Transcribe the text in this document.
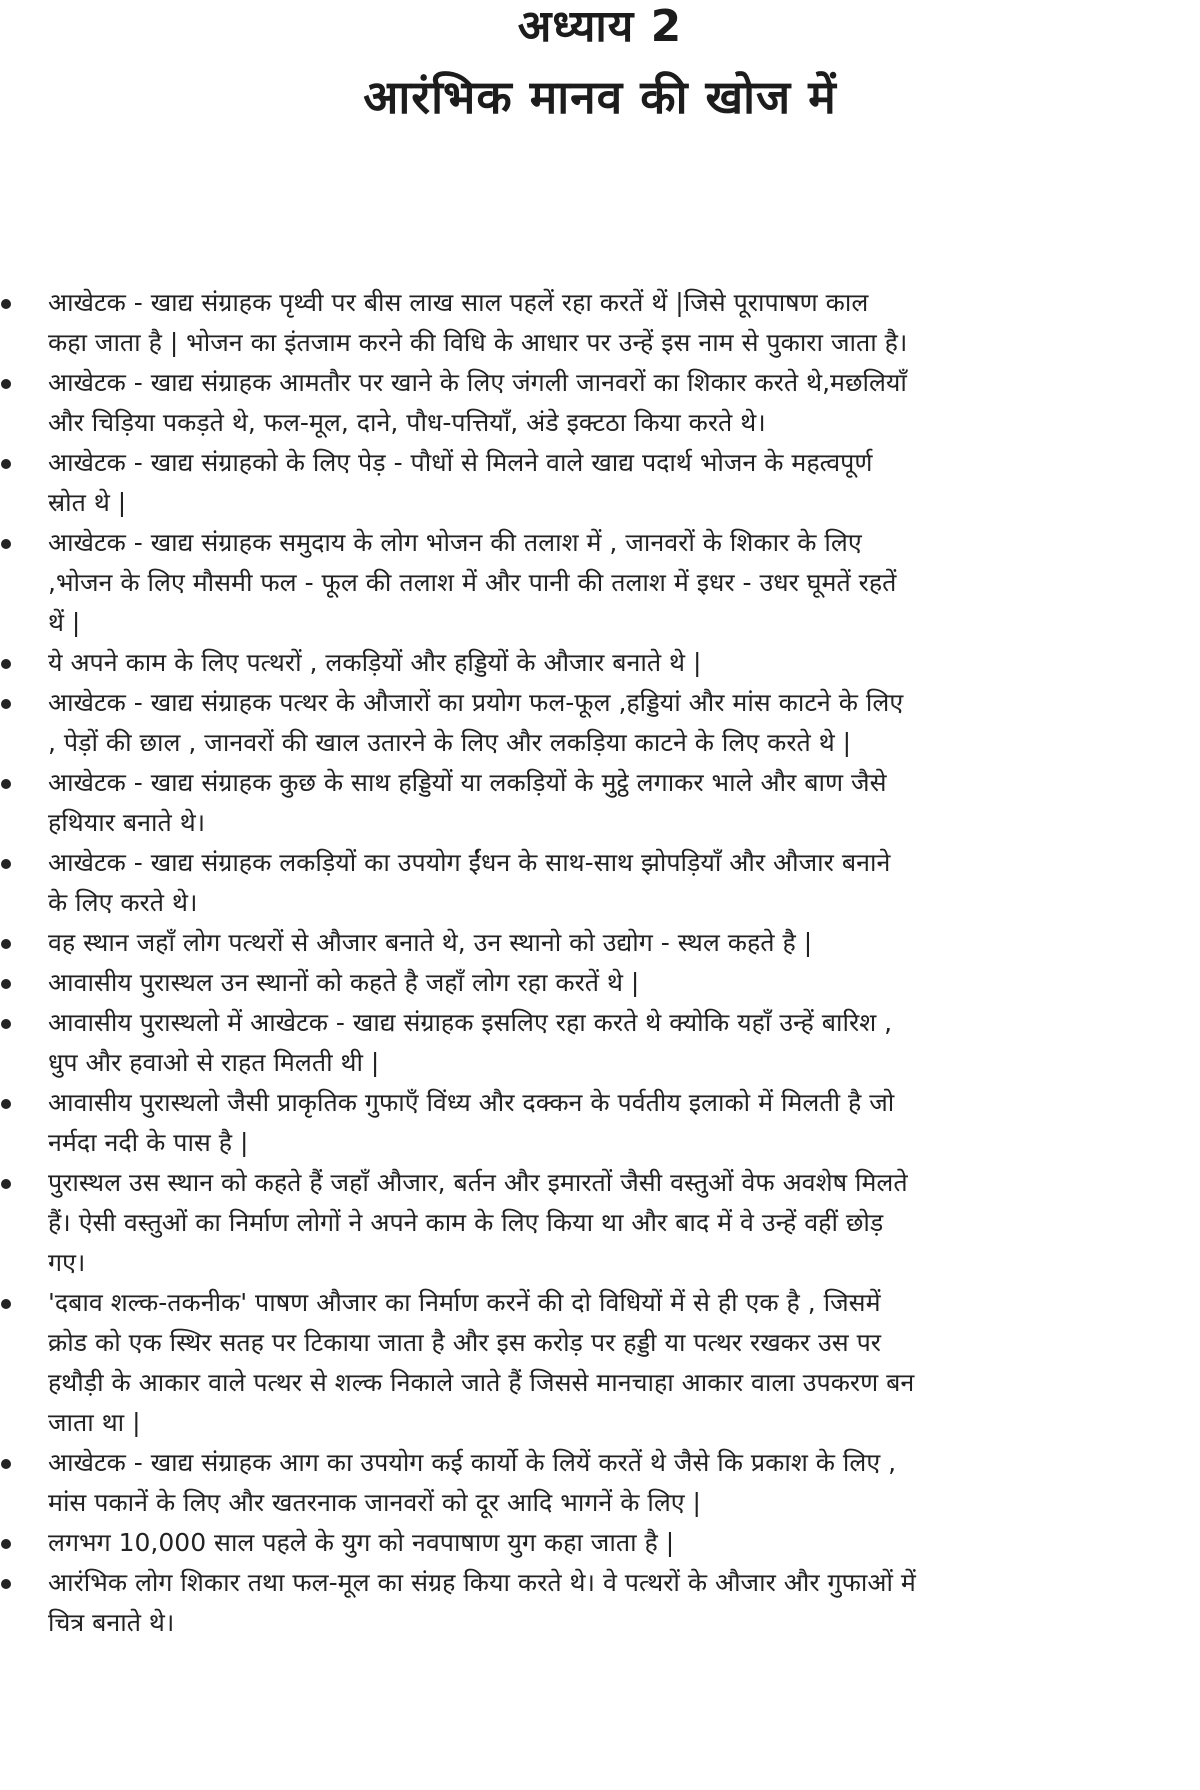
अध्याय 2
आरंभिक मानव की खोज में
आखेटक - खाद्य संग्राहक पृथ्वी पर बीस लाख साल पहलें रहा करतें थें |जिसे पूरापाषण काल
कहा जाता है | भोजन का इंतजाम करने की विधि के आधार पर उन्हें इस नाम से पुकारा जाता है।
आखेटक - खाद्य संग्राहक आमतौर पर खाने के लिए जंगली जानवरों का शिकार करते थे,मछलियाँ
और चिड़िया पकड़ते थे, फल-मूल, दाने, पौध-पत्तियाँ, अंडे इक्टठा किया करते थे।
आखेटक - खाद्य संग्राहको के लिए पेड़ - पौधों से मिलने वाले खाद्य पदार्थ भोजन के महत्वपूर्ण
स्रोत थे |
आखेटक - खाद्य संग्राहक समुदाय के लोग भोजन की तलाश में , जानवरों के शिकार के लिए
,भोजन के लिए मौसमी फल - फूल की तलाश में और पानी की तलाश में इधर - उधर घूमतें रहतें
थें |
ये अपने काम के लिए पत्थरों , लकड़ियों और हड्डियों के औजार बनाते थे |
आखेटक - खाद्य संग्राहक पत्थर के औजारों का प्रयोग फल-फूल ,हड्डियां और मांस काटने के लिए
, पेड़ों की छाल , जानवरों की खाल उतारने के लिए और लकड़िया काटने के लिए करते थे |
आखेटक - खाद्य संग्राहक कुछ के साथ हड्डियों या लकड़ियों के मुट्ठे लगाकर भाले और बाण जैसे
हथियार बनाते थे।
आखेटक - खाद्य संग्राहक लकड़ियों का उपयोग ईंधन के साथ-साथ झोपड़ियाँ और औजार बनाने
के लिए करते थे।
वह स्थान जहाँ लोग पत्थरों से औजार बनाते थे, उन स्थानो को उद्योग - स्थल कहते है |
आवासीय पुरास्थल उन स्थानों को कहते है जहाँ लोग रहा करतें थे |
आवासीय पुरास्थलो में आखेटक - खाद्य संग्राहक इसलिए रहा करते थे क्योकि यहाँ उन्हें बारिश ,
धुप और हवाओ से राहत मिलती थी |
आवासीय पुरास्थलो जैसी प्राकृतिक गुफाएँ विंध्य और दक्कन के पर्वतीय इलाको में मिलती है जो
नर्मदा नदी के पास है |
पुरास्थल उस स्थान को कहते हैं जहाँ औजार, बर्तन और इमारतों जैसी वस्तुओं वेफ अवशेष मिलते
हैं। ऐसी वस्तुओं का निर्माण लोगों ने अपने काम के लिए किया था और बाद में वे उन्हें वहीं छोड़
गए।
'दबाव शल्क-तकनीक' पाषण औजार का निर्माण करनें की दो विधियों में से ही एक है , जिसमें
क्रोड को एक स्थिर सतह पर टिकाया जाता है और इस करोड़ पर हड्डी या पत्थर रखकर उस पर
हथौड़ी के आकार वाले पत्थर से शल्क निकाले जाते हैं जिससे मानचाहा आकार वाला उपकरण बन
जाता था |
आखेटक - खाद्य संग्राहक आग का उपयोग कई कार्यो के लियें करतें थे जैसे कि प्रकाश के लिए ,
मांस पकानें के लिए और खतरनाक जानवरों को दूर आदि भागनें के लिए |
लगभग 10,000 साल पहले के युग को नवपाषाण युग कहा जाता है |
आरंभिक लोग शिकार तथा फल-मूल का संग्रह किया करते थे। वे पत्थरों के औजार और गुफाओं में
चित्र बनाते थे।
